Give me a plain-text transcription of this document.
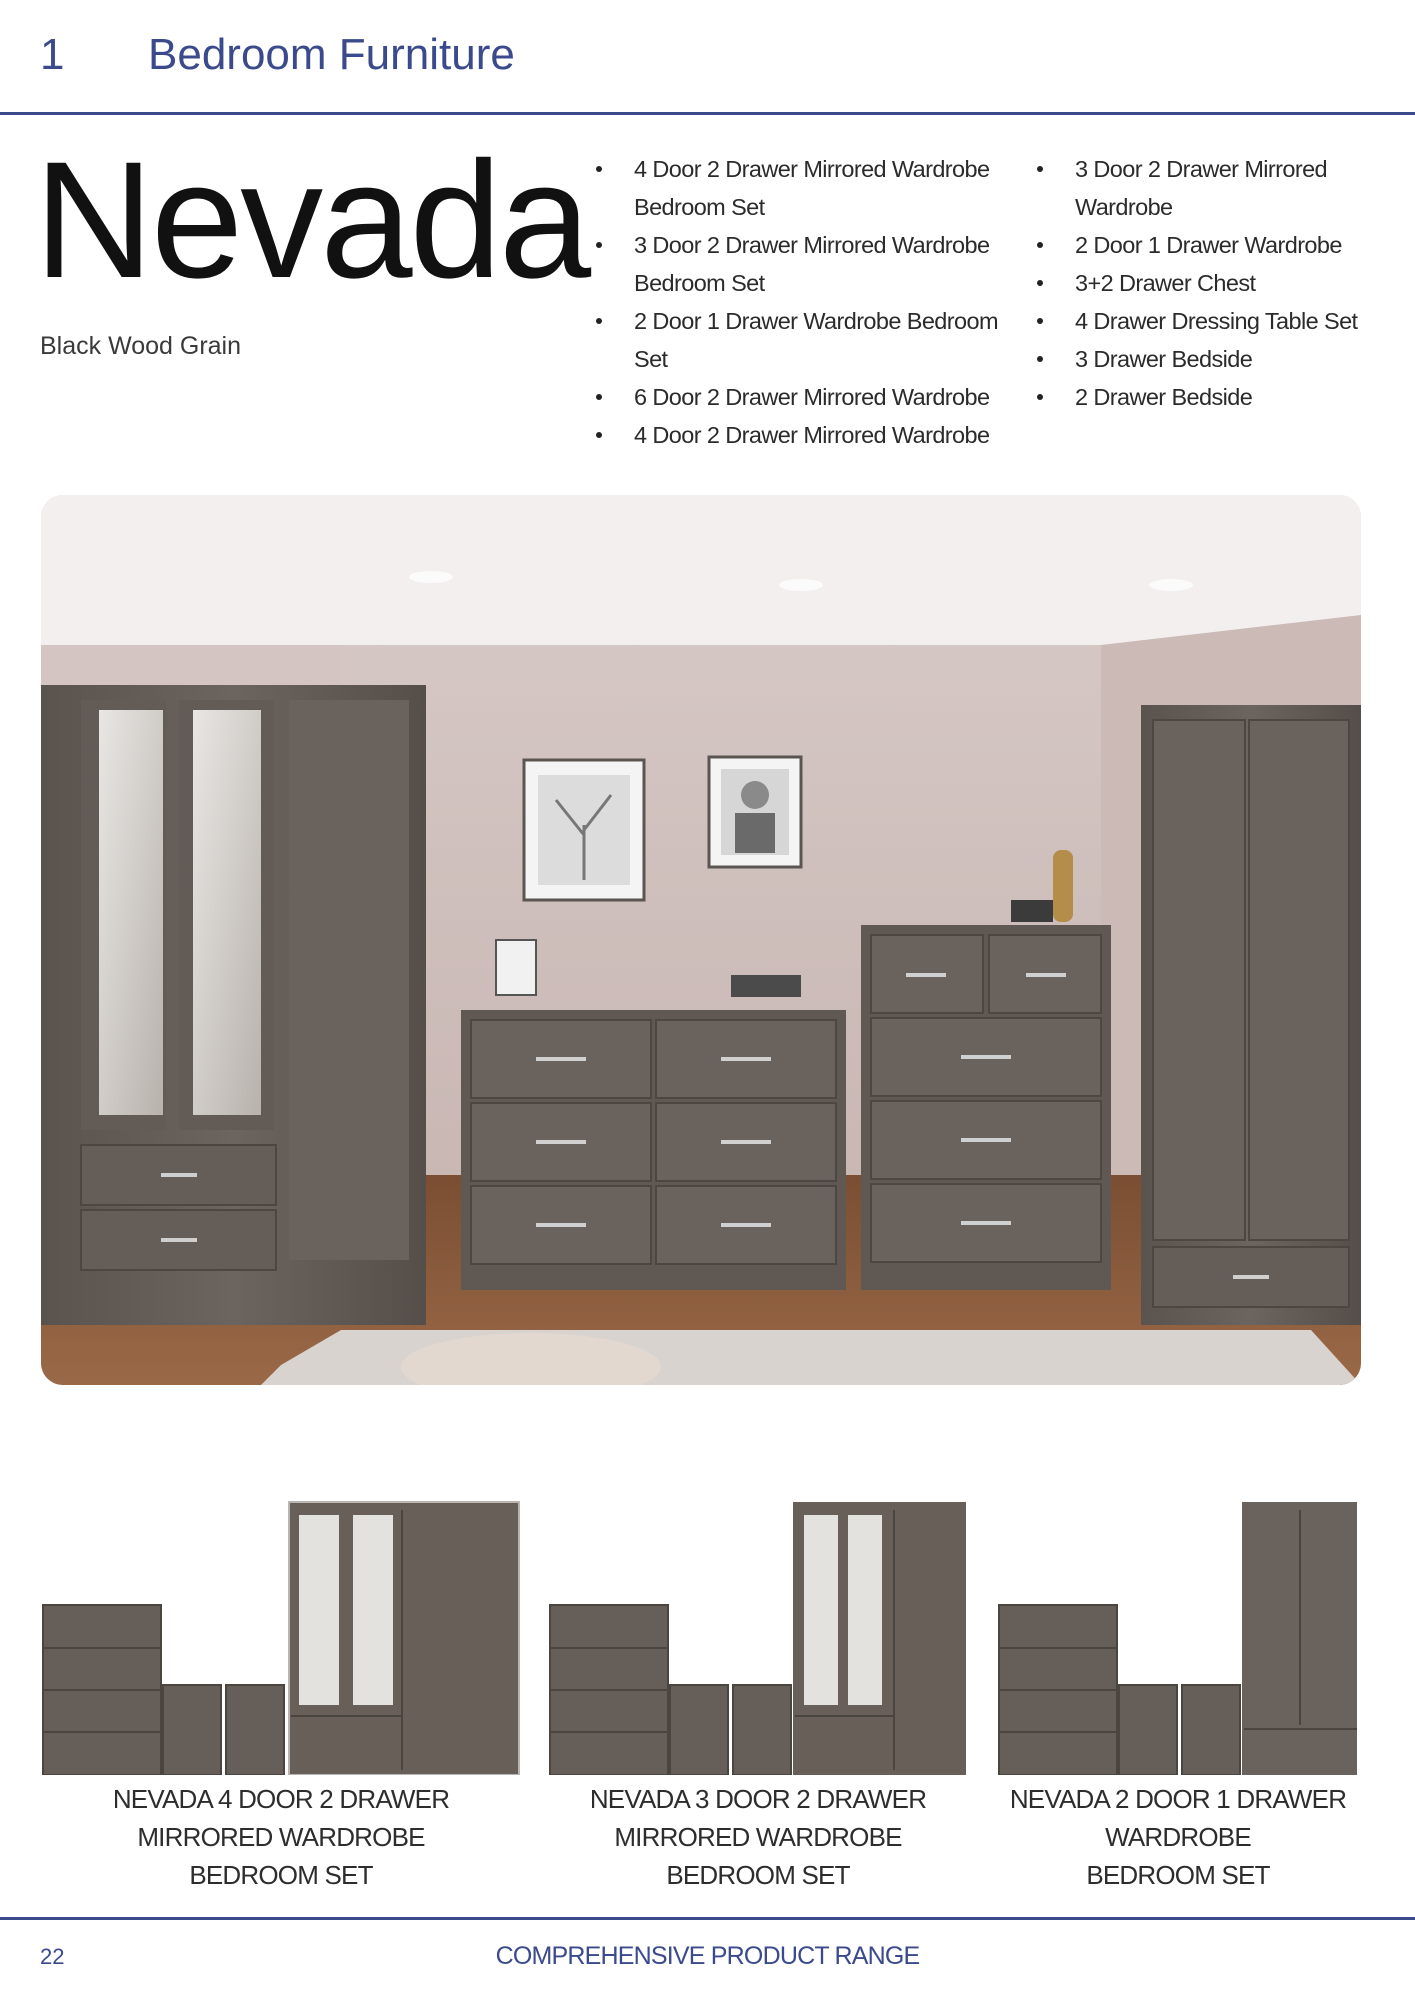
1 Bedroom Furniture
Nevada
Black Wood Grain
4 Door 2 Drawer Mirrored Wardrobe Bedroom Set
3 Door 2 Drawer Mirrored Wardrobe Bedroom Set
2 Door 1 Drawer Wardrobe Bedroom Set
6 Door 2 Drawer Mirrored Wardrobe
4 Door 2 Drawer Mirrored Wardrobe
3 Door 2 Drawer Mirrored Wardrobe
2 Door 1 Drawer Wardrobe
3+2 Drawer Chest
4 Drawer Dressing Table Set
3 Drawer Bedside
2 Drawer Bedside
NEVADA 4 DOOR 2 DRAWER
MIRRORED WARDROBE
BEDROOM SET
NEVADA 3 DOOR 2 DRAWER
MIRRORED WARDROBE
BEDROOM SET
NEVADA 2 DOOR 1 DRAWER
WARDROBE
BEDROOM SET
22	COMPREHENSIVE PRODUCT RANGE
